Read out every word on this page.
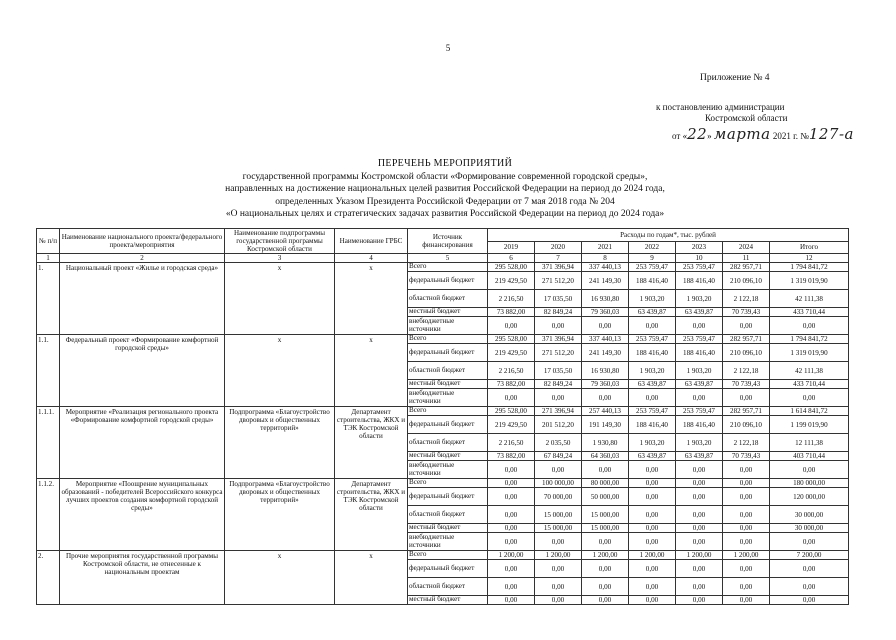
5
Приложение № 4
к постановлению администрации
Костромской области
от «22» марта 2021 г. №127-а
ПЕРЕЧЕНЬ МЕРОПРИЯТИЙ
государственной программы Костромской области «Формирование современной городской среды»,
направленных на достижение национальных целей развития Российской Федерации на период до 2024 года,
определенных Указом Президента Российской Федерации от 7 мая 2018 года № 204
«О национальных целях и стратегических задачах развития Российской Федерации на период до 2024 года»
№ п/п	Наименование национального проекта/федерального проекта/мероприятия	Наименование подпрограммы государственной программы Костромской области	Наименование ГРБС	Источник финансирования	Расходы по годам*, тыс. рублей						
					2019	2020	2021	2022	2023	2024	Итого
1	2	3	4	5	6	7	8	9	10	11	12
1.	Национальный проект «Жилье и городская среда»	х	х	Всего	295 528,00	371 396,94	337 440,13	253 759,47	253 759,47	282 957,71	1 794 841,72
				федеральный бюджет	219 429,50	271 512,20	241 149,30	188 416,40	188 416,40	210 096,10	1 319 019,90
				областной бюджет	2 216,50	17 035,50	16 930,80	1 903,20	1 903,20	2 122,18	42 111,38
				местный бюджет	73 882,00	82 849,24	79 360,03	63 439,87	63 439,87	70 739,43	433 710,44
				внебюджетные источники	0,00	0,00	0,00	0,00	0,00	0,00	0,00
1.1.	Федеральный проект «Формирование комфортной городской среды»	х	х	Всего	295 528,00	371 396,94	337 440,13	253 759,47	253 759,47	282 957,71	1 794 841,72
				федеральный бюджет	219 429,50	271 512,20	241 149,30	188 416,40	188 416,40	210 096,10	1 319 019,90
				областной бюджет	2 216,50	17 035,50	16 930,80	1 903,20	1 903,20	2 122,18	42 111,38
				местный бюджет	73 882,00	82 849,24	79 360,03	63 439,87	63 439,87	70 739,43	433 710,44
				внебюджетные источники	0,00	0,00	0,00	0,00	0,00	0,00	0,00
1.1.1.	Мероприятие «Реализация регионального проекта «Формирование комфортной городской среды»	Подпрограмма «Благоустройство дворовых и общественных территорий»	Департамент строительства, ЖКХ и ТЭК Костромской области	Всего	295 528,00	271 396,94	257 440,13	253 759,47	253 759,47	282 957,71	1 614 841,72
				федеральный бюджет	219 429,50	201 512,20	191 149,30	188 416,40	188 416,40	210 096,10	1 199 019,90
				областной бюджет	2 216,50	2 035,50	1 930,80	1 903,20	1 903,20	2 122,18	12 111,38
				местный бюджет	73 882,00	67 849,24	64 360,03	63 439,87	63 439,87	70 739,43	403 710,44
				внебюджетные источники	0,00	0,00	0,00	0,00	0,00	0,00	0,00
1.1.2.	Мероприятие «Поощрение муниципальных образований - победителей Всероссийского конкурса лучших проектов создания комфортной городской среды»	Подпрограмма «Благоустройство дворовых и общественных территорий»	Департамент строительства, ЖКХ и ТЭК Костромской области	Всего	0,00	100 000,00	80 000,00	0,00	0,00	0,00	180 000,00
				федеральный бюджет	0,00	70 000,00	50 000,00	0,00	0,00	0,00	120 000,00
				областной бюджет	0,00	15 000,00	15 000,00	0,00	0,00	0,00	30 000,00
				местный бюджет	0,00	15 000,00	15 000,00	0,00	0,00	0,00	30 000,00
				внебюджетные источники	0,00	0,00	0,00	0,00	0,00	0,00	0,00
2.	Прочие мероприятия государственной программы Костромской области, не отнесенные к национальным проектам	х	х	Всего	1 200,00	1 200,00	1 200,00	1 200,00	1 200,00	1 200,00	7 200,00
				федеральный бюджет	0,00	0,00	0,00	0,00	0,00	0,00	0,00
				областной бюджет	0,00	0,00	0,00	0,00	0,00	0,00	0,00
				местный бюджет	0,00	0,00	0,00	0,00	0,00	0,00	0,00
